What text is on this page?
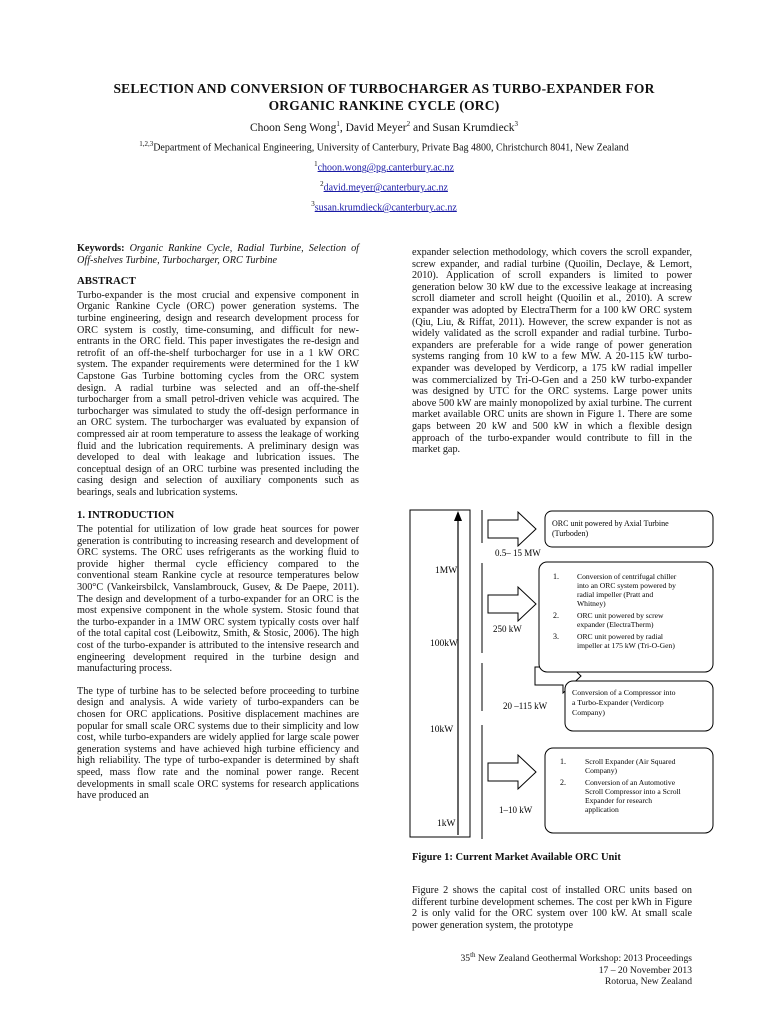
SELECTION AND CONVERSION OF TURBOCHARGER AS TURBO-EXPANDER FOR
ORGANIC RANKINE CYCLE (ORC)
Choon Seng Wong$^1$, David Meyer$^2$ and Susan Krumdieck$^3$
$^{1,2,3}$Department of Mechanical Engineering, University of Canterbury, Private Bag 4800, Christchurch 8041, New Zealand
$^1$choon.wong@pg.canterbury.ac.nz
$^2$david.meyer@canterbury.ac.nz
$^3$susan.krumdieck@canterbury.ac.nz

Keywords: Organic Rankine Cycle, Radial Turbine, Selection of Off-shelves Turbine, Turbocharger, ORC Turbine

ABSTRACT

Turbo-expander is the most crucial and expensive component in Organic Rankine Cycle (ORC) power generation systems. The turbine engineering, design and research development process for ORC system is costly, time-consuming, and difficult for new-entrants in the ORC field. This paper investigates the re-design and retrofit of an off-the-shelf turbocharger for use in a 1 kW ORC system. The expander requirements were determined for the 1 kW Capstone Gas Turbine bottoming cycles from the ORC system design. A radial turbine was selected and an off-the-shelf turbocharger from a small petrol-driven vehicle was acquired. The turbocharger was simulated to study the off-design performance in an ORC system. The turbocharger was evaluated by expansion of compressed air at room temperature to assess the leakage of working fluid and the lubrication requirements. A preliminary design was developed to deal with leakage and lubrication issues. The conceptual design of an ORC turbine was presented including the casing design and selection of auxiliary components such as bearings, seals and lubrication systems.

1. INTRODUCTION

The potential for utilization of low grade heat sources for power generation is contributing to increasing research and development of ORC systems. The ORC uses refrigerants as the working fluid to provide higher thermal cycle efficiency compared to the conventional steam Rankine cycle at resource temperatures below 300°C (Vankeirsbilck, Vanslambrouck, Gusev, & De Paepe, 2011). The design and development of a turbo-expander for an ORC is the most expensive component in the whole system. Stosic found that the turbo-expander in a 1MW ORC system typically costs over half of the total capital cost (Leibowitz, Smith, & Stosic, 2006). The high cost of the turbo-expander is attributed to the intensive research and engineering development required in the turbine design and manufacturing process.

The type of turbine has to be selected before proceeding to turbine design and analysis. A wide variety of turbo-expanders can be chosen for ORC applications. Positive displacement machines are popular for small scale ORC systems due to their simplicity and low cost, while turbo-expanders are widely applied for large scale power generation systems and have achieved high turbine efficiency and high reliability. The type of turbo-expander is determined by shaft speed, mass flow rate and the nominal power range. Recent developments in small scale ORC systems for research applications have produced an

expander selection methodology, which covers the scroll expander, screw expander, and radial turbine (Quoilin, Declaye, & Lemort, 2010). Application of scroll expanders is limited to power generation below 30 kW due to the excessive leakage at increasing scroll diameter and scroll height (Quoilin et al., 2010). A screw expander was adopted by ElectraTherm for a 100 kW ORC system (Qiu, Liu, & Riffat, 2011). However, the screw expander is not as widely validated as the scroll expander and radial turbine. Turbo-expanders are preferable for a wide range of power generation systems ranging from 10 kW to a few MW. A 20-115 kW turbo-expander was developed by Verdicorp, a 175 kW radial impeller was commercialized by Tri-O-Gen and a 250 kW turbo-expander was designed by UTC for the ORC systems. Large power units above 500 kW are mainly monopolized by axial turbine. The current market available ORC units are shown in Figure 1. There are some gaps between 20 kW and 500 kW in which a flexible design approach of the turbo-expander would contribute to fill in the market gap.

1MW
100kW
10kW
1kW
0.5– 15 MW
250 kW
20 –115 kW
1–10 kW
ORC unit powered by Axial Turbine
(Turboden)
1. Conversion of centrifugal chiller
into an ORC system powered by
radial impeller (Pratt and
Whitney)
2. ORC unit powered by screw
expander (ElectraTherm)
3. ORC unit powered by radial
impeller at 175 kW (Tri-O-Gen)
Conversion of a Compressor into
a Turbo-Expander (Verdicorp
Company)
1.	Scroll Expander (Air Squared
Company)
2.	Conversion of an Automotive
Scroll Compressor into a Scroll
Expander for research
application
Figure 1: Current Market Available ORC Unit

Figure 2 shows the capital cost of installed ORC units based on different turbine development schemes. The cost per kWh in Figure 2 is only valid for the ORC system over 100 kW. At small scale power generation system, the prototype

35th New Zealand Geothermal Workshop: 2013 Proceedings
17 – 20 November 2013
Rotorua, New Zealand
